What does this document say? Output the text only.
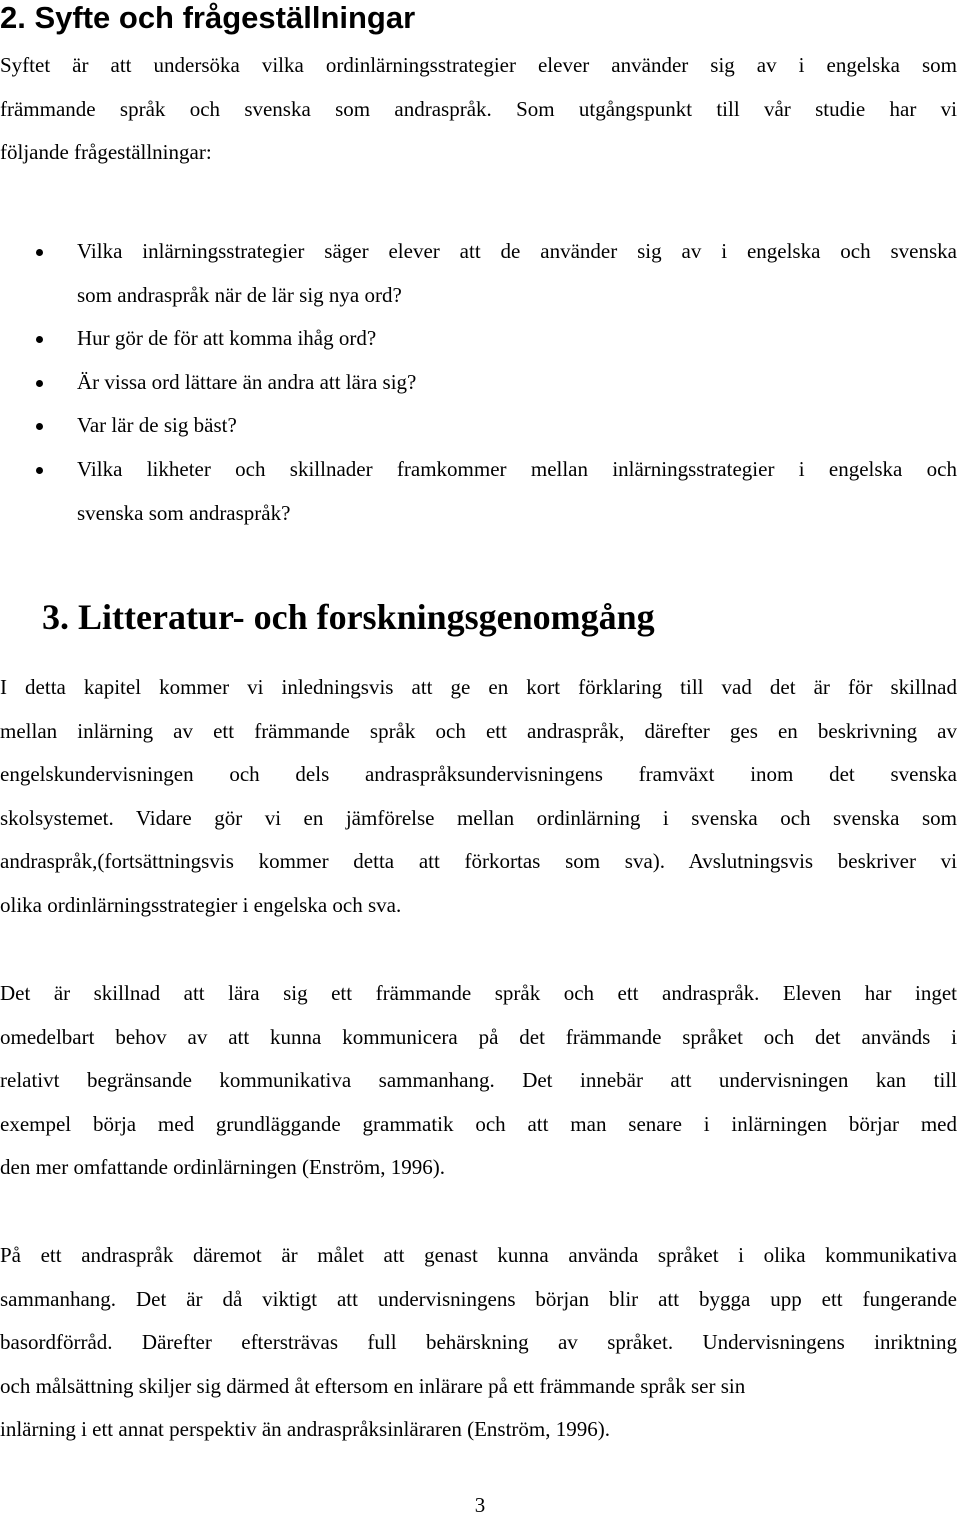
2. Syfte och frågeställningar

Syftet är att undersöka vilka ordinlärningsstrategier elever använder sig av i engelska som
främmande språk och svenska som andraspråk. Som utgångspunkt till vår studie har vi
följande frågeställningar:

Vilka inlärningsstrategier säger elever att de använder sig av i engelska och svenska
som andraspråk när de lär sig nya ord?
Hur gör de för att komma ihåg ord?
Är vissa ord lättare än andra att lära sig?
Var lär de sig bäst?
Vilka likheter och skillnader framkommer mellan inlärningsstrategier i engelska och
svenska som andraspråk?
3. Litteratur- och forskningsgenomgång

I detta kapitel kommer vi inledningsvis att ge en kort förklaring till vad det är för skillnad
mellan inlärning av ett främmande språk och ett andraspråk, därefter ges en beskrivning av
engelskundervisningen och dels andraspråksundervisningens framväxt inom det svenska
skolsystemet. Vidare gör vi en jämförelse mellan ordinlärning i svenska och svenska som
andraspråk,(fortsättningsvis kommer detta att förkortas som sva). Avslutningsvis beskriver vi
olika ordinlärningsstrategier i engelska och sva.

Det är skillnad att lära sig ett främmande språk och ett andraspråk. Eleven har inget
omedelbart behov av att kunna kommunicera på det främmande språket och det används i
relativt begränsande kommunikativa sammanhang. Det innebär att undervisningen kan till
exempel börja med grundläggande grammatik och att man senare i inlärningen börjar med
den mer omfattande ordinlärningen (Enström, 1996).

På ett andraspråk däremot är målet att genast kunna använda språket i olika kommunikativa
sammanhang. Det är då viktigt att undervisningens början blir att bygga upp ett fungerande
basordförråd. Därefter eftersträvas full behärskning av språket. Undervisningens inriktning
och målsättning skiljer sig därmed åt eftersom en inlärare på ett främmande språk ser sin
inlärning i ett annat perspektiv än andraspråksinläraren (Enström, 1996).

3
